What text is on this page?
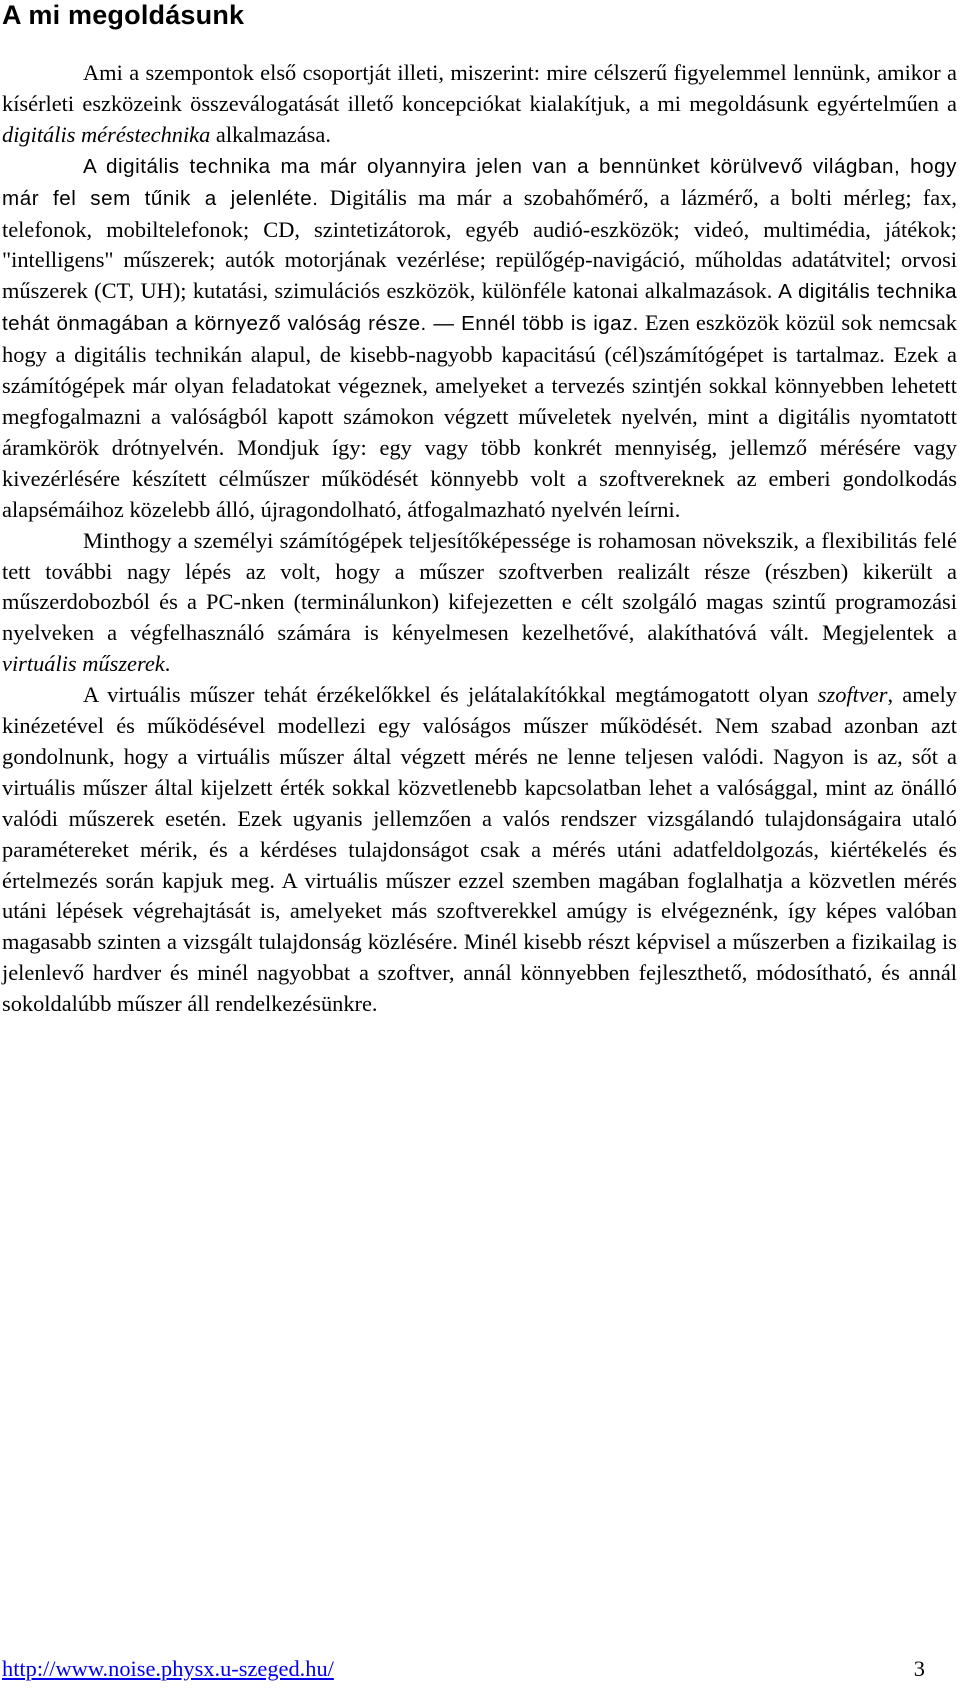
A mi megoldásunk

Ami a szempontok első csoportját illeti, miszerint: mire célszerű figyelemmel lennünk, amikor a kísérleti eszközeink összeválogatását illető koncepciókat kialakítjuk, a mi megoldásunk egyértelműen a digitális méréstechnika alkalmazása.

A digitális technika ma már olyannyira jelen van a bennünket körülvevő világban, hogy már fel sem tűnik a jelenléte. Digitális ma már a szobahőmérő, a lázmérő, a bolti mérleg; fax, telefonok, mobiltelefonok; CD, szintetizátorok, egyéb audió-eszközök; videó, multimédia, játékok; "intelligens" műszerek; autók motorjának vezérlése; repülőgép-navigáció, műholdas adatátvitel; orvosi műszerek (CT, UH); kutatási, szimulációs eszközök, különféle katonai alkalmazások. A digitális technika tehát önmagában a környező valóság része. — Ennél több is igaz. Ezen eszközök közül sok nemcsak hogy a digitális technikán alapul, de kisebb-nagyobb kapacitású (cél)számítógépet is tartalmaz. Ezek a számítógépek már olyan feladatokat végeznek, amelyeket a tervezés szintjén sokkal könnyebben lehetett megfogalmazni a valóságból kapott számokon végzett műveletek nyelvén, mint a digitális nyomtatott áramkörök drótnyelvén. Mondjuk így: egy vagy több konkrét mennyiség, jellemző mérésére vagy kivezérlésére készített célműszer működését könnyebb volt a szoftvereknek az emberi gondolkodás alapsémáihoz közelebb álló, újragondolható, átfogalmazható nyelvén leírni.

Minthogy a személyi számítógépek teljesítőképessége is rohamosan növekszik, a flexibilitás felé tett további nagy lépés az volt, hogy a műszer szoftverben realizált része (részben) kikerült a műszerdobozból és a PC-nken (terminálunkon) kifejezetten e célt szolgáló magas szintű programozási nyelveken a végfelhasználó számára is kényelmesen kezelhetővé, alakíthatóvá vált. Megjelentek a virtuális műszerek.

A virtuális műszer tehát érzékelőkkel és jelátalakítókkal megtámogatott olyan szoftver, amely kinézetével és működésével modellezi egy valóságos műszer működését. Nem szabad azonban azt gondolnunk, hogy a virtuális műszer által végzett mérés ne lenne teljesen valódi. Nagyon is az, sőt a virtuális műszer által kijelzett érték sokkal közvetlenebb kapcsolatban lehet a valósággal, mint az önálló valódi műszerek esetén. Ezek ugyanis jellemzően a valós rendszer vizsgálandó tulajdonságaira utaló paramétereket mérik, és a kérdéses tulajdonságot csak a mérés utáni adatfeldolgozás, kiértékelés és értelmezés során kapjuk meg. A virtuális műszer ezzel szemben magában foglalhatja a közvetlen mérés utáni lépések végrehajtását is, amelyeket más szoftverekkel amúgy is elvégeznénk, így képes valóban magasabb szinten a vizsgált tulajdonság közlésére. Minél kisebb részt képvisel a műszerben a fizikailag is jelenlevő hardver és minél nagyobbat a szoftver, annál könnyebben fejleszthető, módosítható, és annál sokoldalúbb műszer áll rendelkezésünkre.

http://www.noise.physx.u-szeged.hu/	3
